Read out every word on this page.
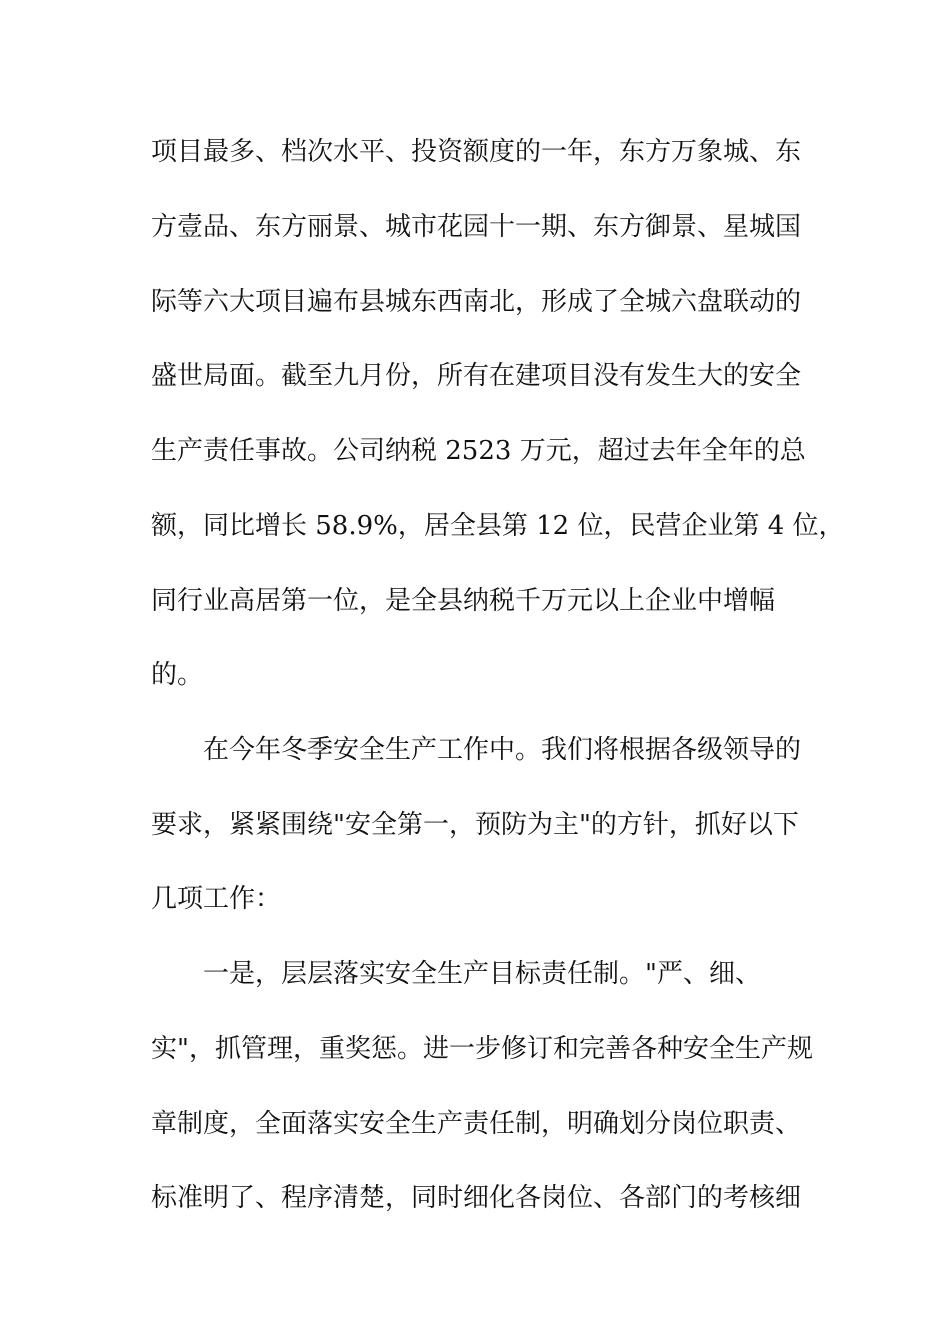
项目最多、档次水平、投资额度的一年，东方万象城、东
方壹品、东方丽景、城市花园十一期、东方御景、星城国
际等六大项目遍布县城东西南北，形成了全城六盘联动的
盛世局面。截至九月份，所有在建项目没有发生大的安全
生产责任事故。公司纳税 2523 万元，超过去年全年的总
额，同比增长 58.9%，居全县第 12 位，民营企业第 4 位，
同行业高居第一位，是全县纳税千万元以上企业中增幅
的。
在今年冬季安全生产工作中。我们将根据各级领导的
要求，紧紧围绕"安全第一，预防为主"的方针，抓好以下
几项工作：
一是，层层落实安全生产目标责任制。"严、细、
实"，抓管理，重奖惩。进一步修订和完善各种安全生产规
章制度，全面落实安全生产责任制，明确划分岗位职责、
标准明了、程序清楚，同时细化各岗位、各部门的考核细
